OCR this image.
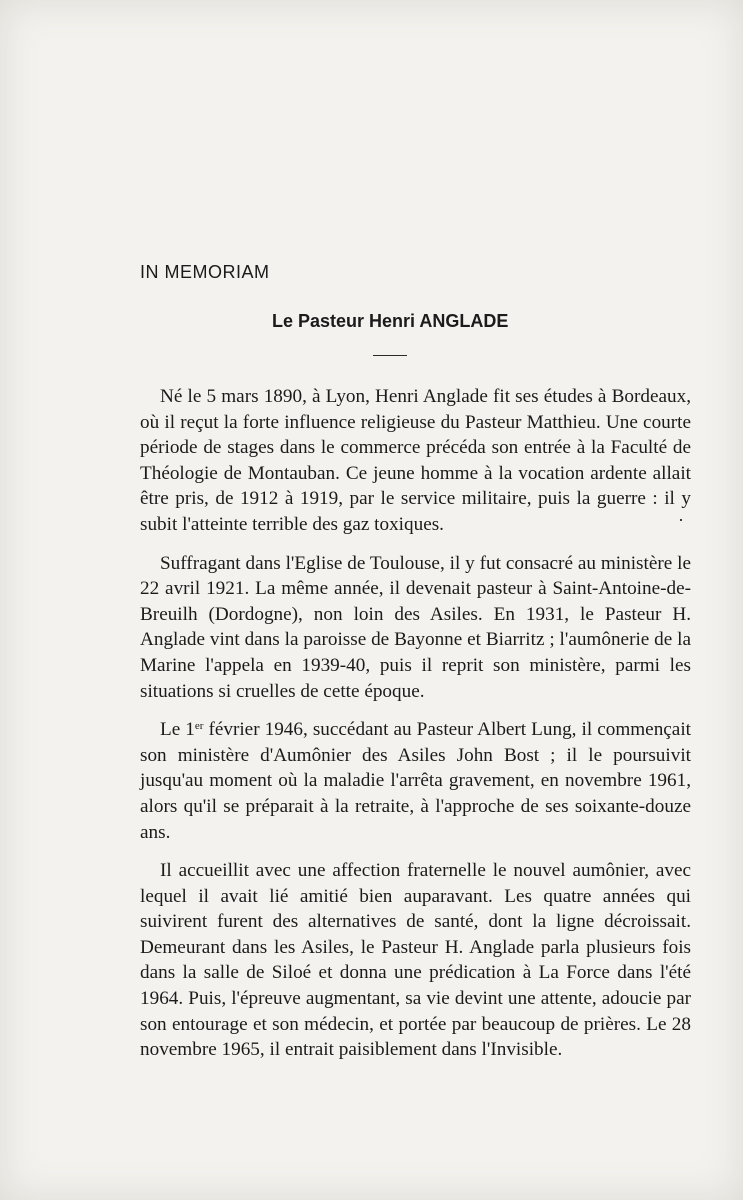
IN MEMORIAM
Le Pasteur Henri ANGLADE

Né le 5 mars 1890, à Lyon, Henri Anglade fit ses études à Bordeaux, où il reçut la forte influence religieuse du Pasteur Matthieu. Une courte période de stages dans le commerce précéda son entrée à la Faculté de Théologie de Montauban. Ce jeune homme à la vocation ardente allait être pris, de 1912 à 1919, par le service militaire, puis la guerre : il y subit l'atteinte terrible des gaz toxiques.

Suffragant dans l'Eglise de Toulouse, il y fut consacré au ministère le 22 avril 1921. La même année, il devenait pasteur à Saint-Antoine-de-Breuilh (Dordogne), non loin des Asiles. En 1931, le Pasteur H. Anglade vint dans la paroisse de Bayonne et Biarritz ; l'aumônerie de la Marine l'appela en 1939-40, puis il reprit son ministère, parmi les situations si cruelles de cette époque.

Le 1er février 1946, succédant au Pasteur Albert Lung, il commençait son ministère d'Aumônier des Asiles John Bost ; il le poursuivit jusqu'au moment où la maladie l'arrêta gravement, en novembre 1961, alors qu'il se préparait à la retraite, à l'approche de ses soixante-douze ans.

Il accueillit avec une affection fraternelle le nouvel aumônier, avec lequel il avait lié amitié bien auparavant. Les quatre années qui suivirent furent des alternatives de santé, dont la ligne décroissait. Demeurant dans les Asiles, le Pasteur H. Anglade parla plusieurs fois dans la salle de Siloé et donna une prédication à La Force dans l'été 1964. Puis, l'épreuve augmentant, sa vie devint une attente, adoucie par son entourage et son médecin, et portée par beaucoup de prières. Le 28 novembre 1965, il entrait paisiblement dans l'Invisible.

·
